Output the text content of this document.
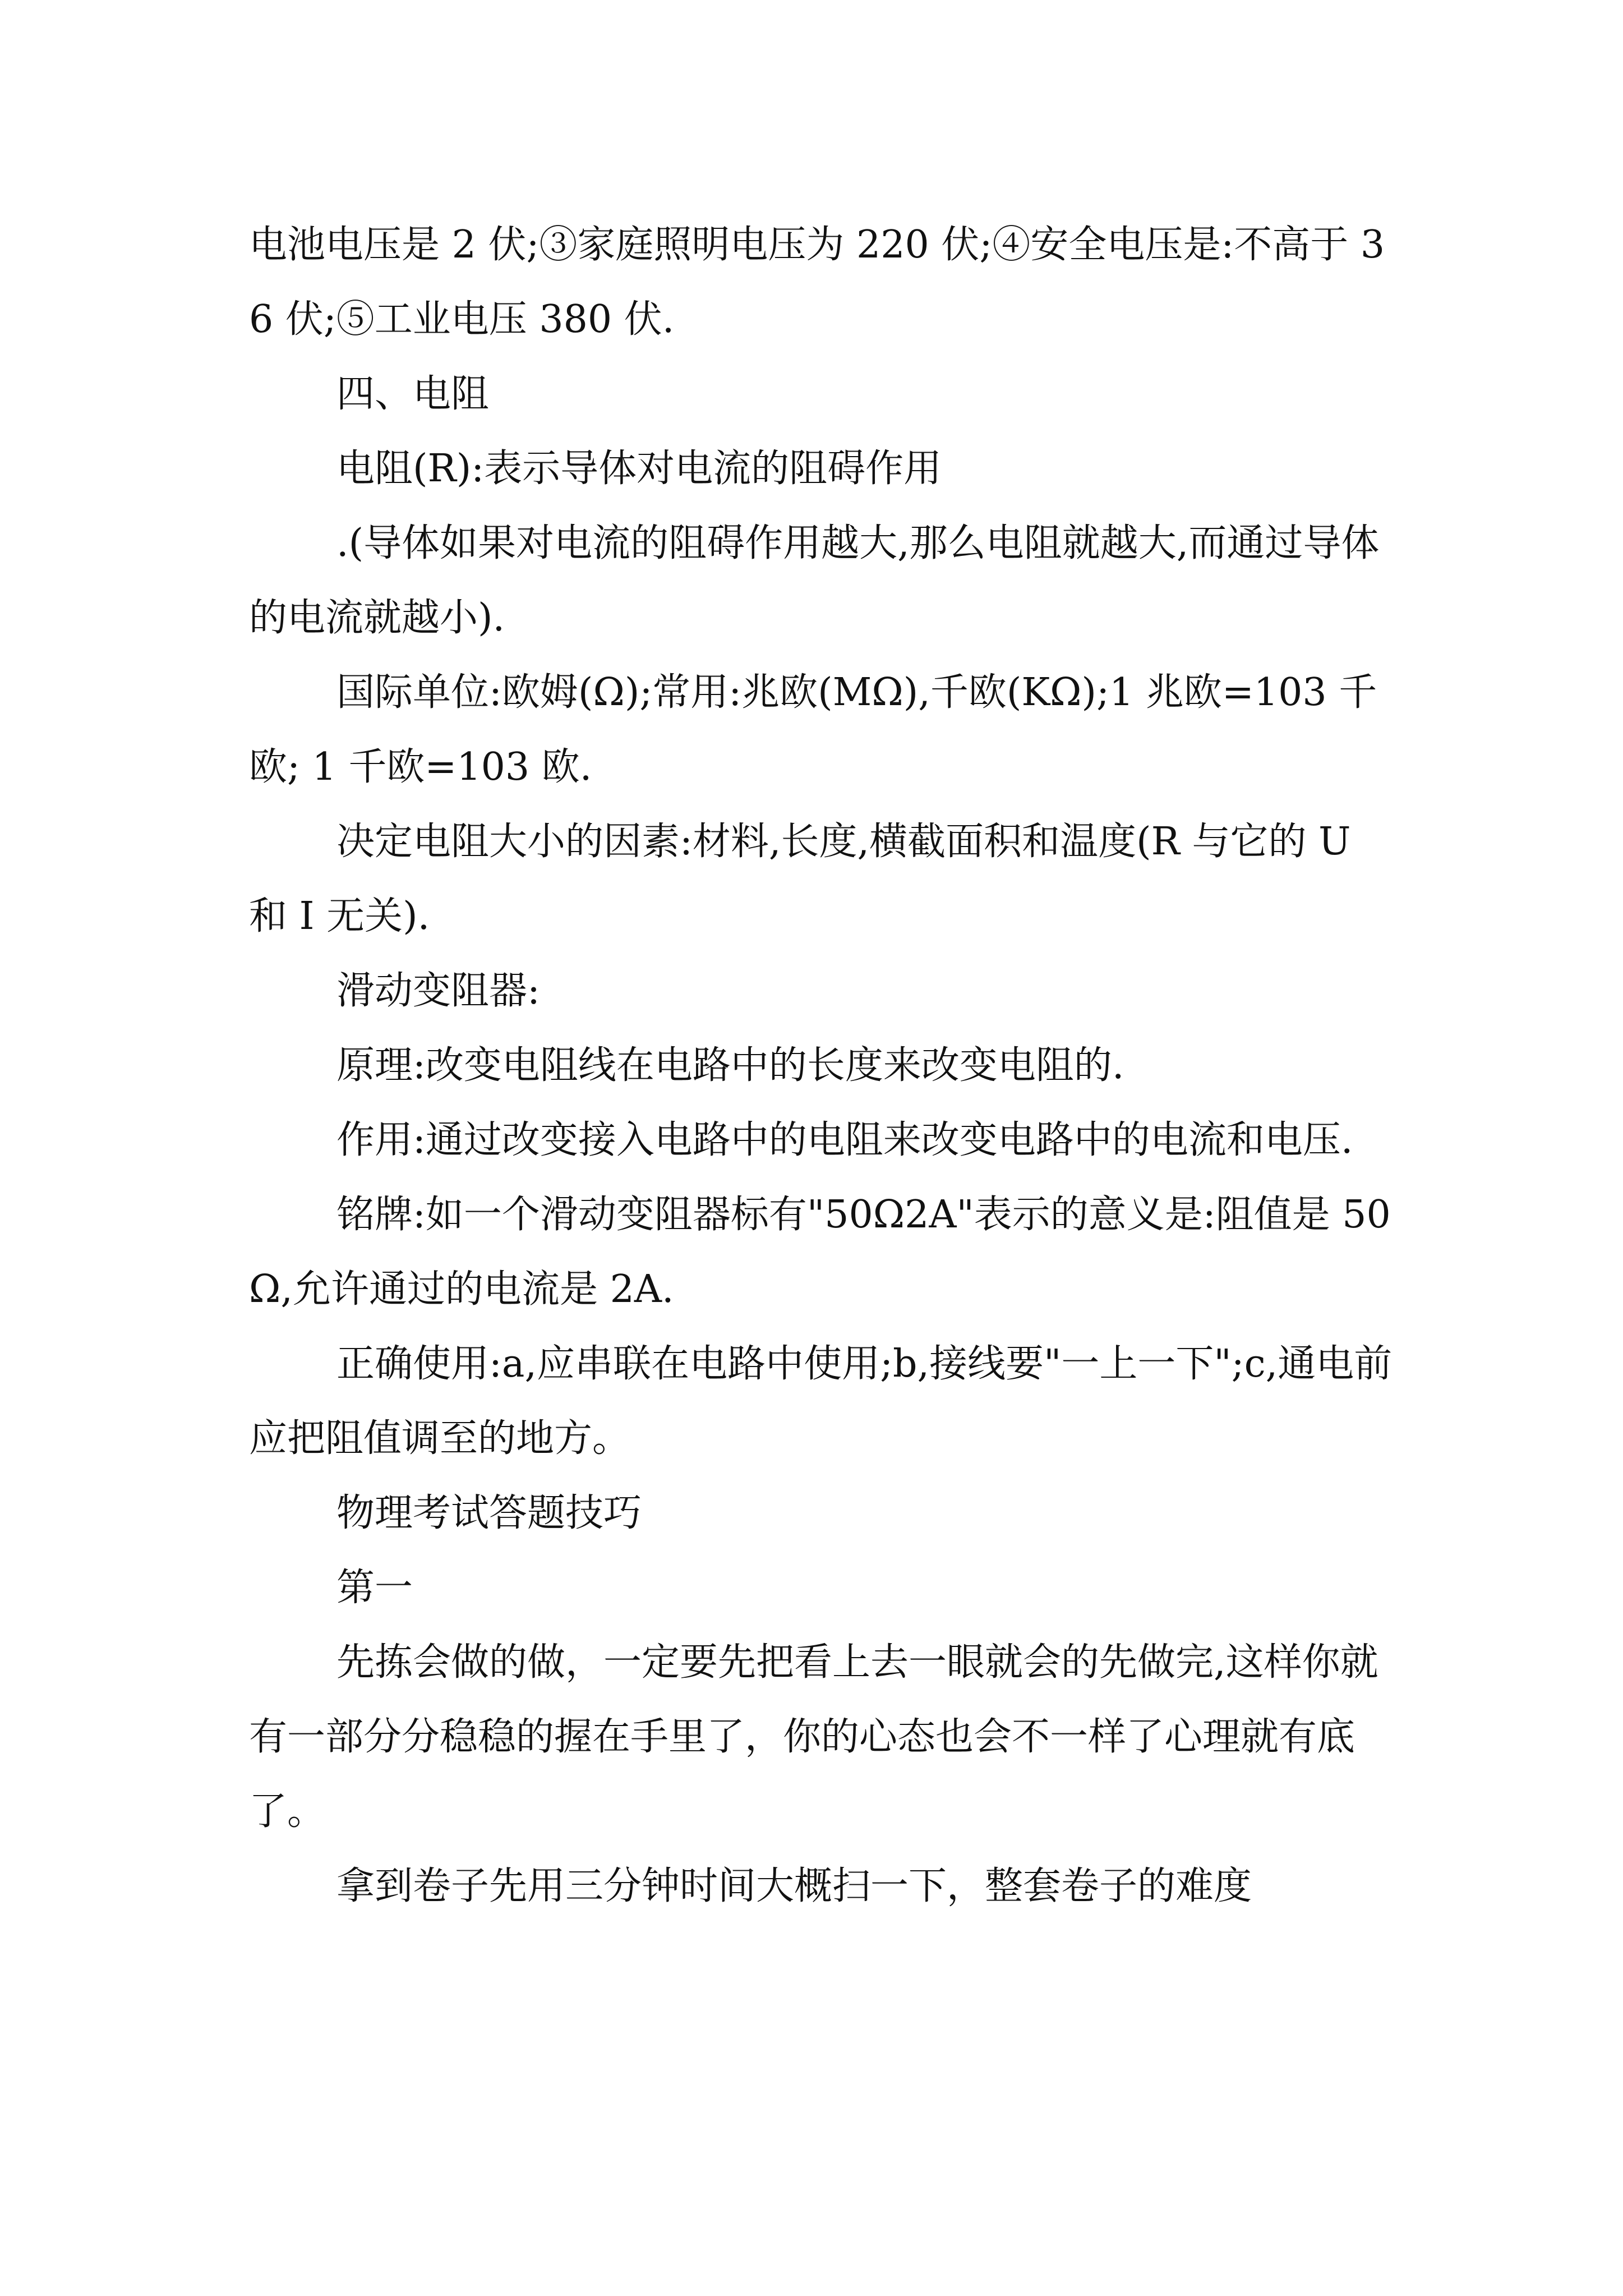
电池电压是 2 伏;③家庭照明电压为 220 伏;④安全电压是:不高于 36 伏;⑤工业电压 380 伏.

四、电阻

电阻(R):表示导体对电流的阻碍作用

.(导体如果对电流的阻碍作用越大,那么电阻就越大,而通过导体的电流就越小).

国际单位:欧姆(Ω);常用:兆欧(MΩ),千欧(KΩ);1 兆欧=103 千欧; 1 千欧=103 欧.

决定电阻大小的因素:材料,长度,横截面积和温度(R 与它的 U 和 I 无关).

滑动变阻器:

原理:改变电阻线在电路中的长度来改变电阻的.

作用:通过改变接入电路中的电阻来改变电路中的电流和电压.

铭牌:如一个滑动变阻器标有"50Ω2A"表示的意义是:阻值是 50Ω,允许通过的电流是 2A.

正确使用:a,应串联在电路中使用;b,接线要"一上一下";c,通电前应把阻值调至的地方。

物理考试答题技巧

第一

先拣会做的做，一定要先把看上去一眼就会的先做完,这样你就有一部分分稳稳的握在手里了，你的心态也会不一样了心理就有底了。

拿到卷子先用三分钟时间大概扫一下，整套卷子的难度
